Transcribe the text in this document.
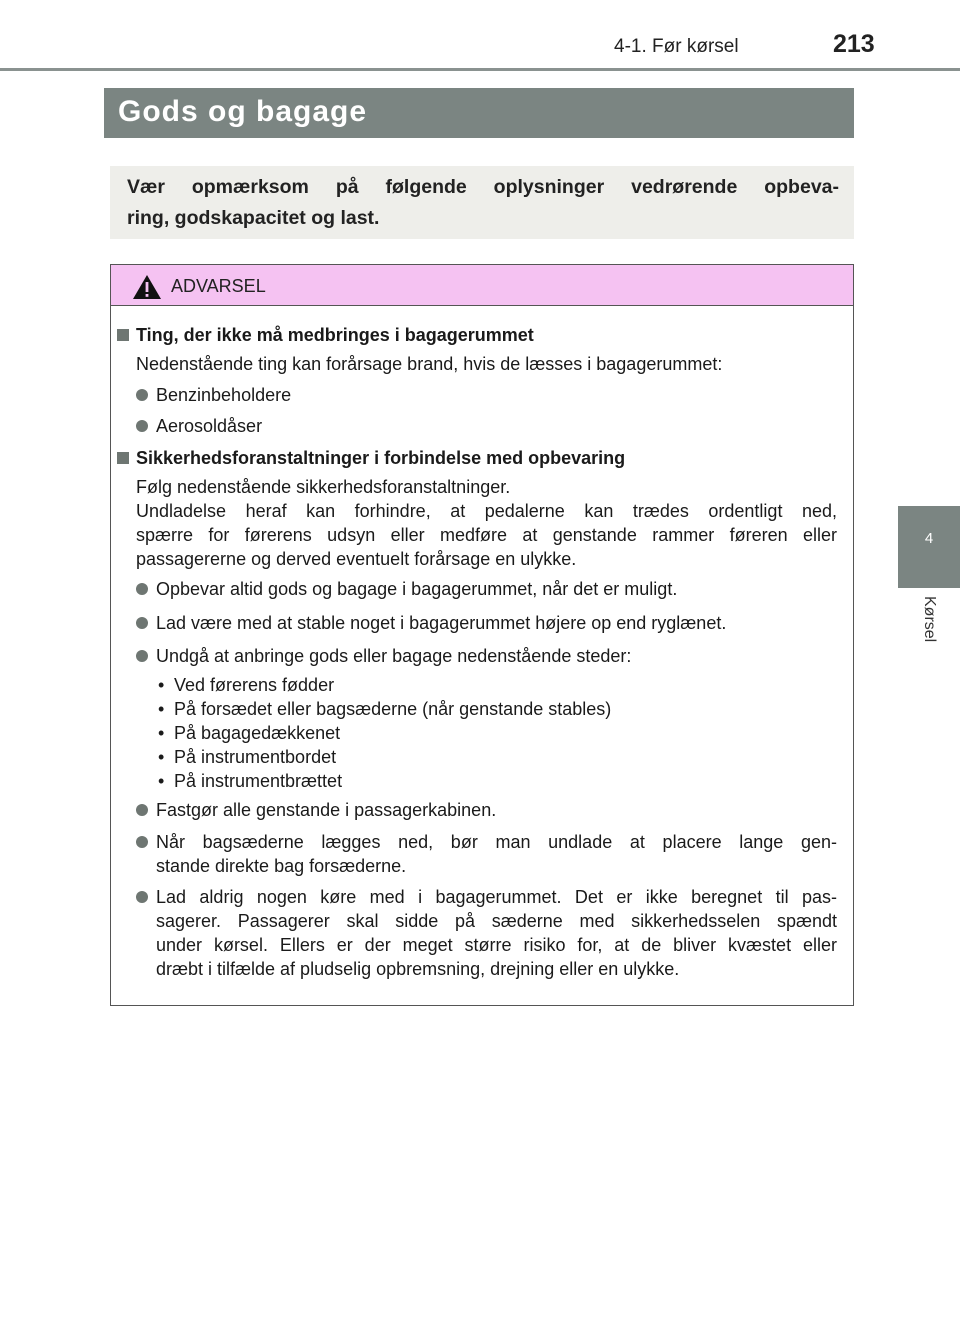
4-1. Før kørsel	213
4
Kørsel
Gods og bagage
Vær opmærksom på følgende oplysninger vedrørende opbeva-
ring, godskapacitet og last.
ADVARSEL
Ting, der ikke må medbringes i bagagerummet
Nedenstående ting kan forårsage brand, hvis de læsses i bagagerummet:
Benzinbeholdere
Aerosoldåser
Sikkerhedsforanstaltninger i forbindelse med opbevaring
Følg nedenstående sikkerhedsforanstaltninger.
Undladelse heraf kan forhindre, at pedalerne kan trædes ordentligt ned,
spærre for førerens udsyn eller medføre at genstande rammer føreren eller
passagererne og derved eventuelt forårsage en ulykke.
Opbevar altid gods og bagage i bagagerummet, når det er muligt.
Lad være med at stable noget i bagagerummet højere op end ryglænet.
Undgå at anbringe gods eller bagage nedenstående steder:
• Ved førerens fødder
• På forsædet eller bagsæderne (når genstande stables)
• På bagagedækkenet
• På instrumentbordet
• På instrumentbrættet
Fastgør alle genstande i passagerkabinen.
Når bagsæderne lægges ned, bør man undlade at placere lange gen-
stande direkte bag forsæderne.
Lad aldrig nogen køre med i bagagerummet. Det er ikke beregnet til pas-
sagerer. Passagerer skal sidde på sæderne med sikkerhedsselen spændt
under kørsel. Ellers er der meget større risiko for, at de bliver kvæstet eller
dræbt i tilfælde af pludselig opbremsning, drejning eller en ulykke.
